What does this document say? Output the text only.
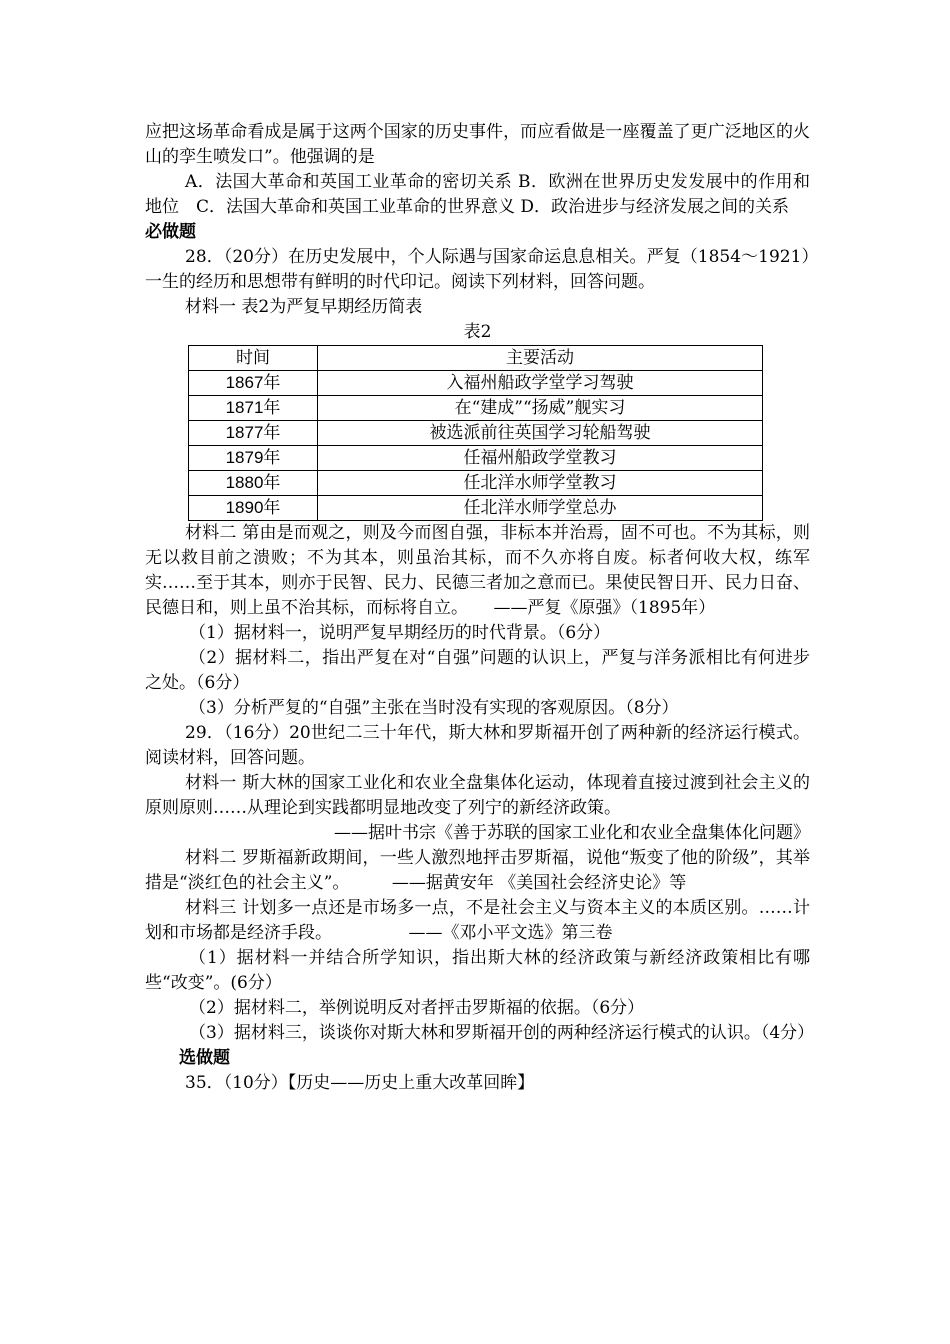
应把这场革命看成是属于这两个国家的历史事件，而应看做是一座覆盖了更广泛地区的火山的孪生喷发口”。他强调的是

A．法国大革命和英国工业革命的密切关系 B．欧洲在世界历史发发展中的作用和地位　C．法国大革命和英国工业革命的世界意义 D．政治进步与经济发展之间的关系

必做题

28．（20分）在历史发展中，个人际遇与国家命运息息相关。严复（1854～1921）一生的经历和思想带有鲜明的时代印记。阅读下列材料，回答问题。

材料一 表2为严复早期经历简表

表2

时间	主要活动
1867年	入福州船政学堂学习驾驶
1871年	在“建成”“扬威”舰实习
1877年	被选派前往英国学习轮船驾驶
1879年	任福州船政学堂教习
1880年	任北洋水师学堂教习
1890年	任北洋水师学堂总办

材料二 第由是而观之，则及今而图自强，非标本并治焉，固不可也。不为其标，则无以救目前之溃败；不为其本，则虽治其标，而不久亦将自废。标者何收大权，练军实……至于其本，则亦于民智、民力、民德三者加之意而已。果使民智日开、民力日奋、民德日和，则上虽不治其标，而标将自立。　　——严复《原强》（1895年）

（1）据材料一，说明严复早期经历的时代背景。（6分）

（2）据材料二，指出严复在对“自强”问题的认识上，严复与洋务派相比有何进步之处。（6分）

（3）分析严复的“自强”主张在当时没有实现的客观原因。（8分）

29．（16分）20世纪二三十年代，斯大林和罗斯福开创了两种新的经济运行模式。阅读材料，回答问题。

材料一 斯大林的国家工业化和农业全盘集体化运动，体现着直接过渡到社会主义的原则原则……从理论到实践都明显地改变了列宁的新经济政策。

——据叶书宗《善于苏联的国家工业化和农业全盘集体化问题》

材料二 罗斯福新政期间，一些人激烈地抨击罗斯福，说他“叛变了他的阶级”，其举措是“淡红色的社会主义”。　　　——据黄安年 《美国社会经济史论》等

材料三 计划多一点还是市场多一点，不是社会主义与资本主义的本质区别。……计划和市场都是经济手段。　　　　　——《邓小平文选》第三卷

（1）据材料一并结合所学知识，指出斯大林的经济政策与新经济政策相比有哪些“改变”。(6分）

（2）据材料二，举例说明反对者抨击罗斯福的依据。（6分）

（3）据材料三，谈谈你对斯大林和罗斯福开创的两种经济运行模式的认识。（4分）

选做题

35．（10分）【历史——历史上重大改革回眸】
